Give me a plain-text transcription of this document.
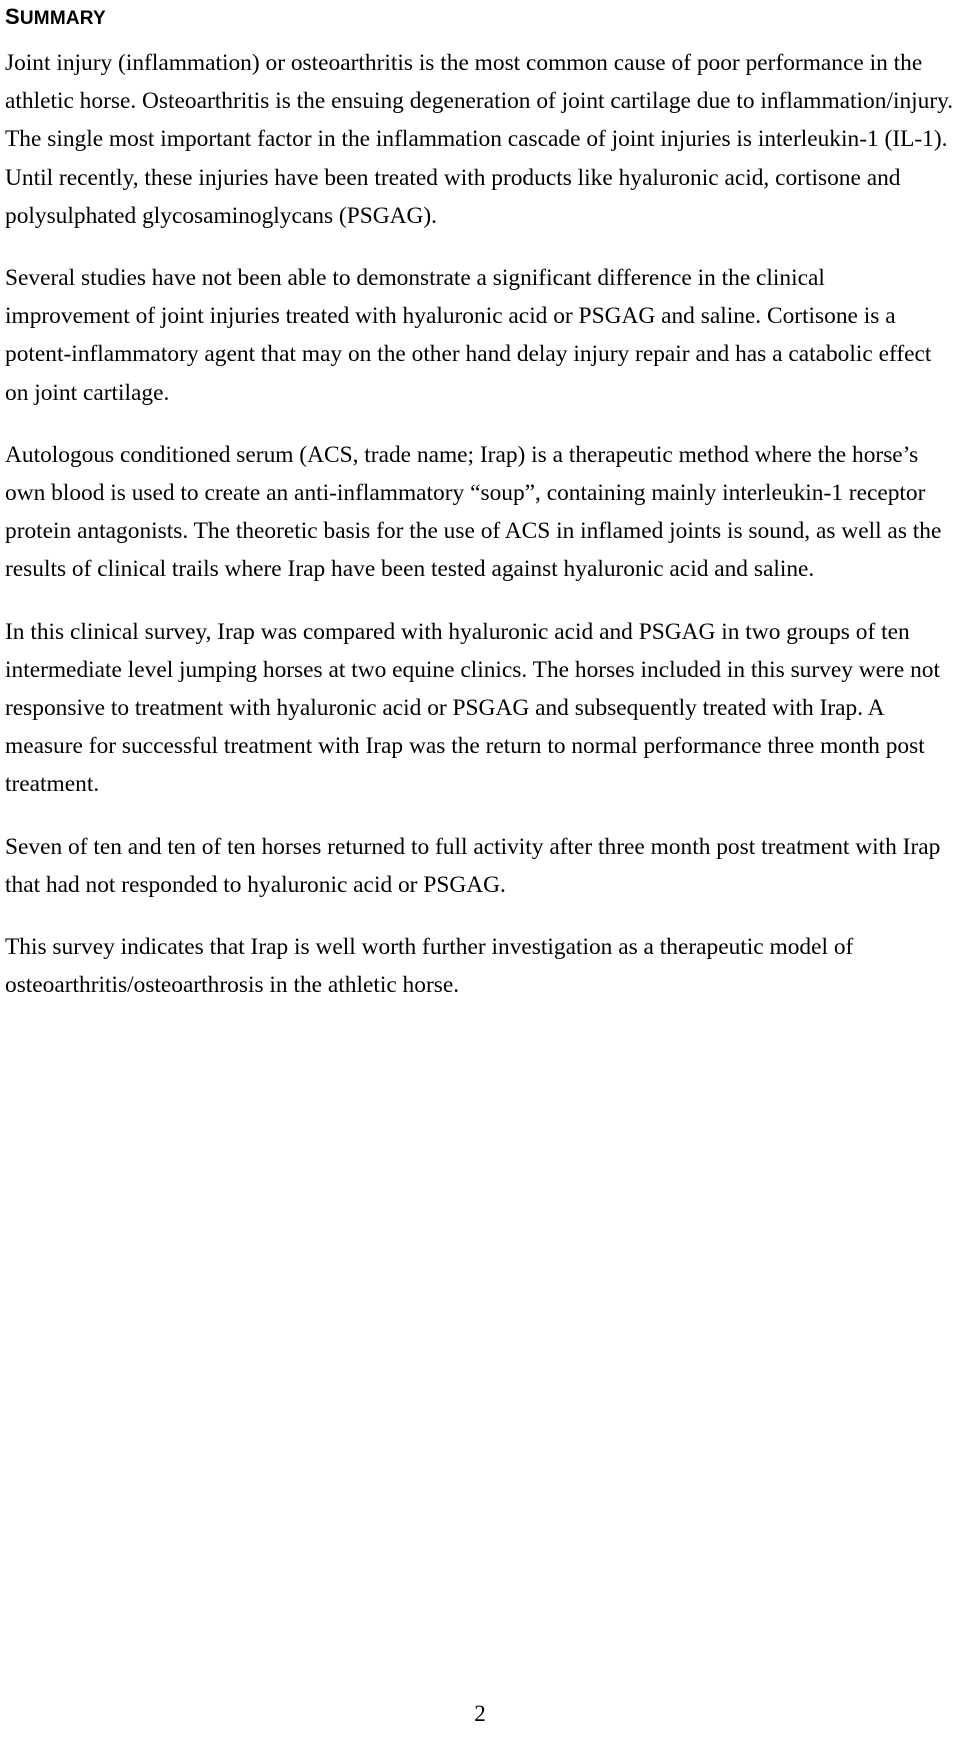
SUMMARY

Joint injury (inflammation) or osteoarthritis is the most common cause of poor performance in the athletic horse. Osteoarthritis is the ensuing degeneration of joint cartilage due to inflammation/injury. The single most important factor in the inflammation cascade of joint injuries is interleukin-1 (IL-1). Until recently, these injuries have been treated with products like hyaluronic acid, cortisone and polysulphated glycosaminoglycans (PSGAG).

Several studies have not been able to demonstrate a significant difference in the clinical improvement of joint injuries treated with hyaluronic acid or PSGAG and saline. Cortisone is a potent-inflammatory agent that may on the other hand delay injury repair and has a catabolic effect on joint cartilage.

Autologous conditioned serum (ACS, trade name; Irap) is a therapeutic method where the horse’s own blood is used to create an anti-inflammatory “soup”, containing mainly interleukin-1 receptor protein antagonists. The theoretic basis for the use of ACS in inflamed joints is sound, as well as the results of clinical trails where Irap have been tested against hyaluronic acid and saline.

In this clinical survey, Irap was compared with hyaluronic acid and PSGAG in two groups of ten intermediate level jumping horses at two equine clinics. The horses included in this survey were not responsive to treatment with hyaluronic acid or PSGAG and subsequently treated with Irap. A measure for successful treatment with Irap was the return to normal performance three month post treatment.

Seven of ten and ten of ten horses returned to full activity after three month post treatment with Irap that had not responded to hyaluronic acid or PSGAG.

This survey indicates that Irap is well worth further investigation as a therapeutic model of osteoarthritis/osteoarthrosis in the athletic horse.

2
